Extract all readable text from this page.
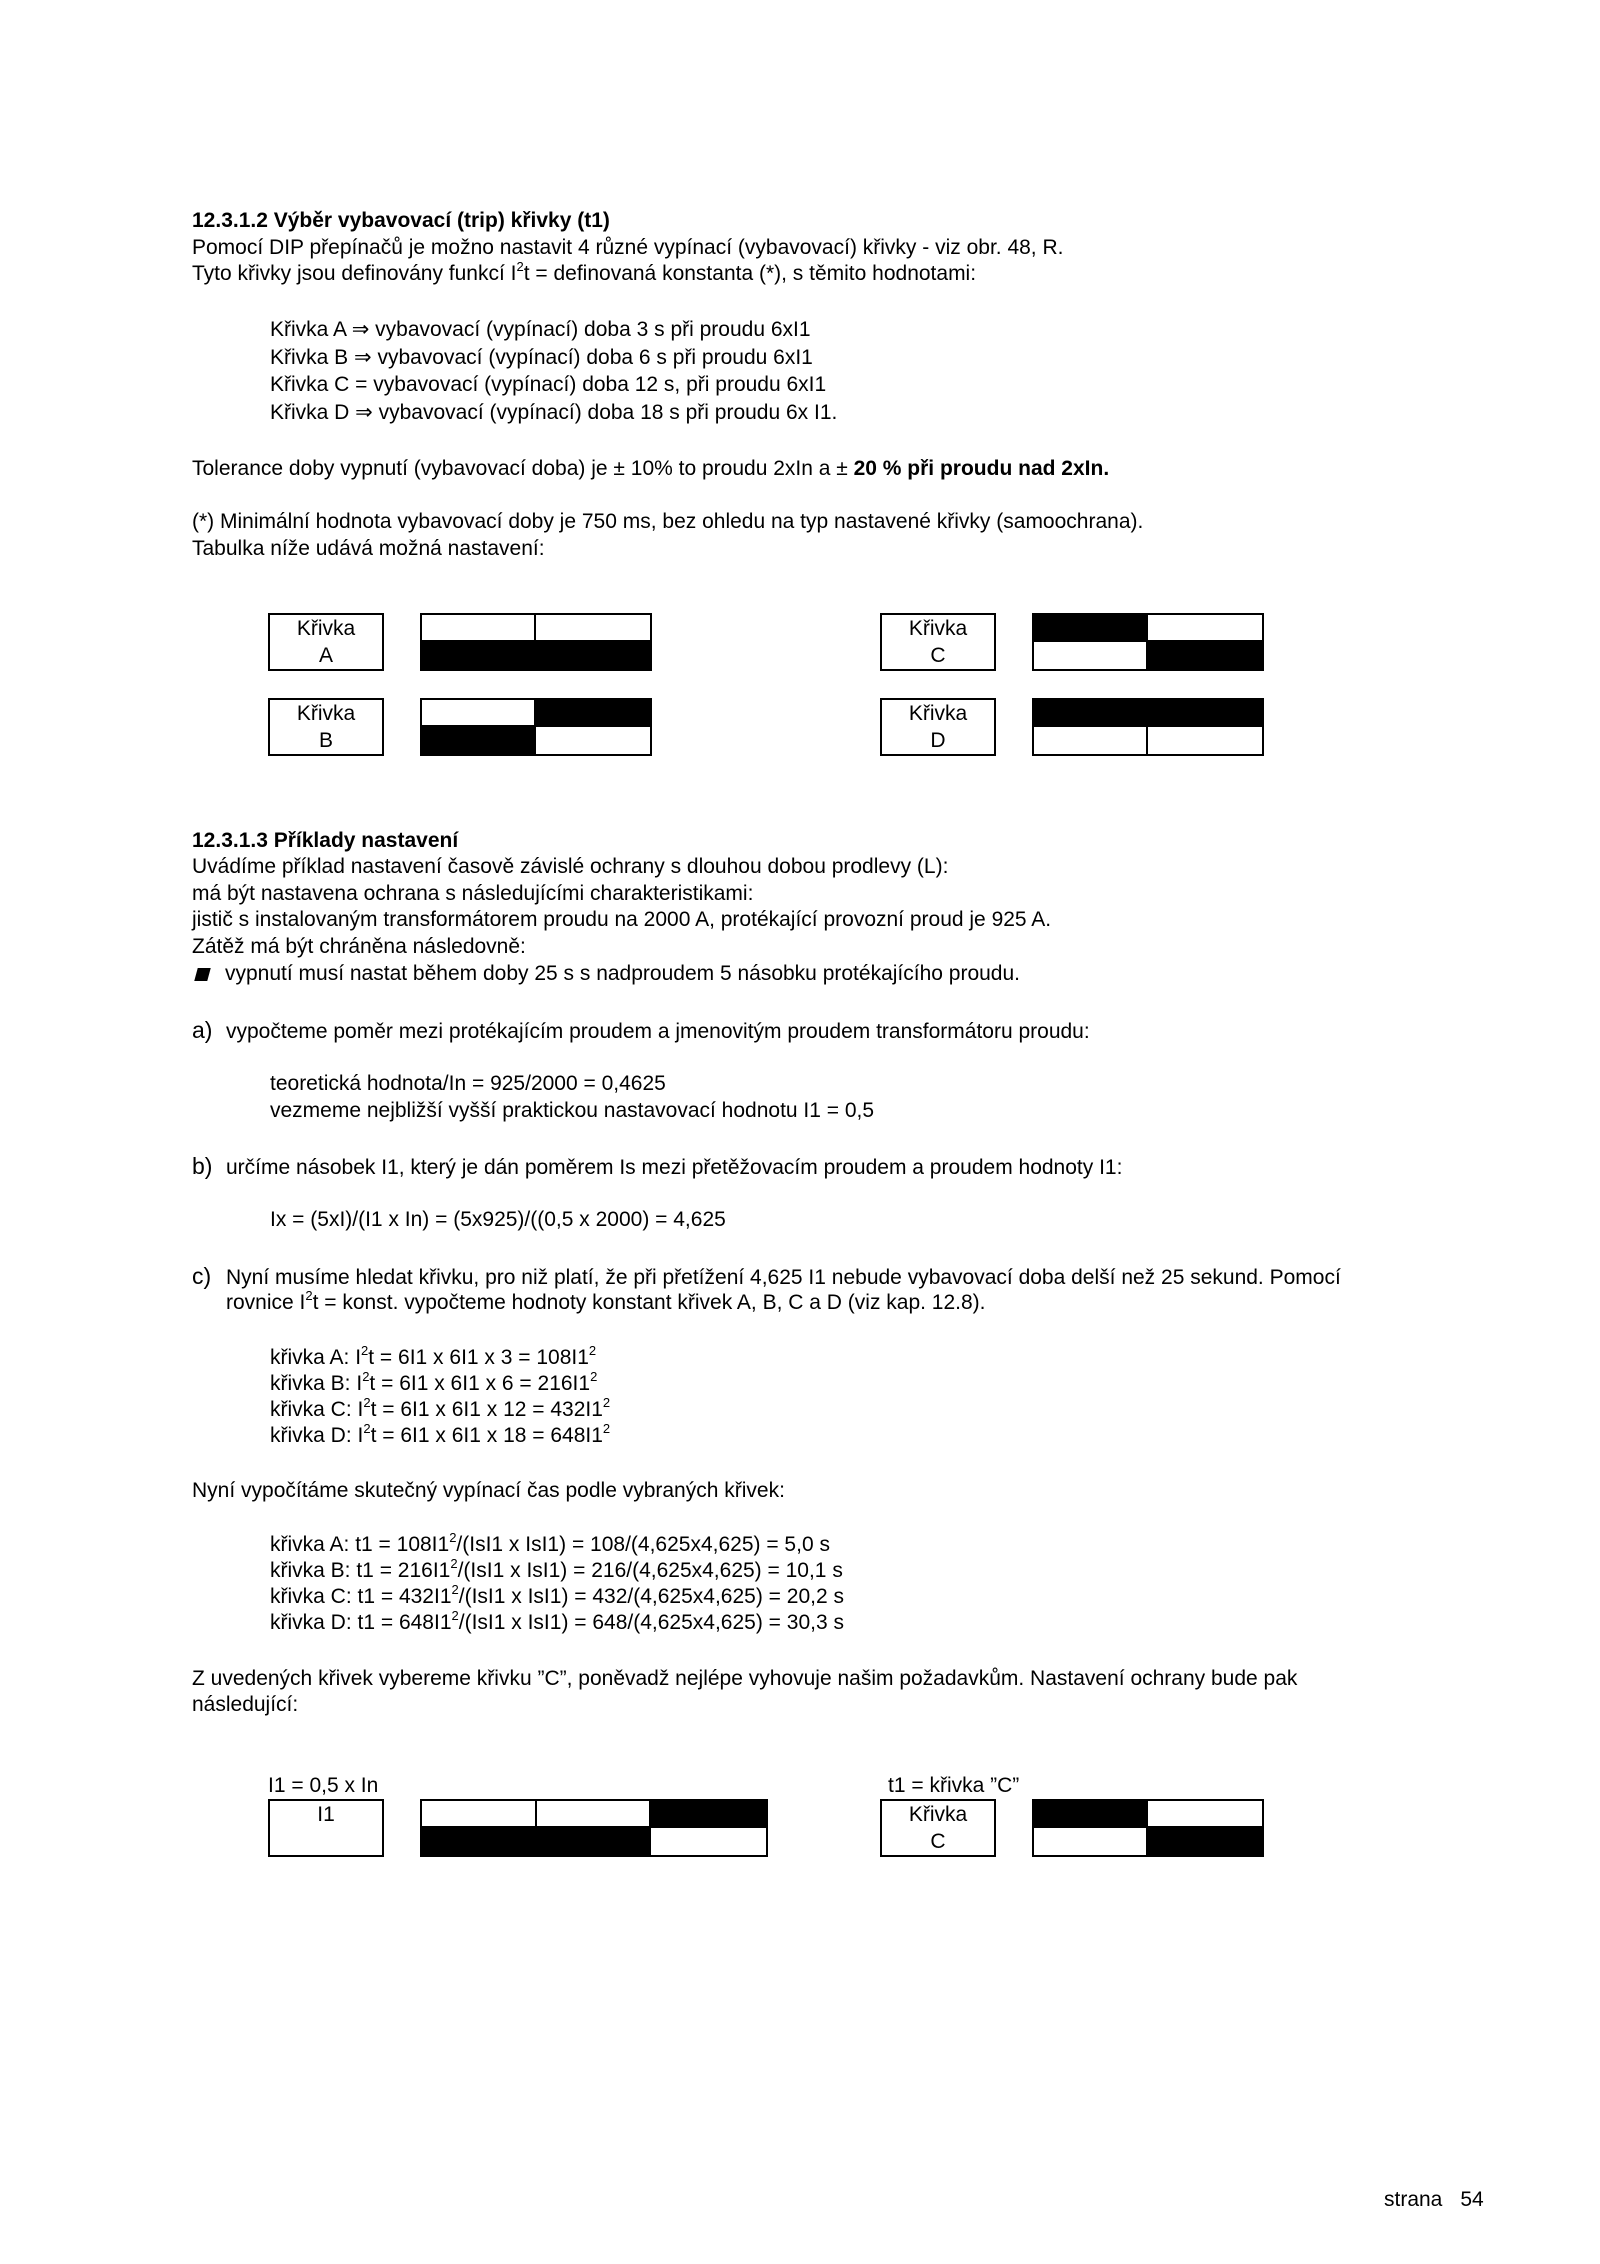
12.3.1.2 Výběr vybavovací (trip) křivky (t1)
Pomocí DIP přepínačů je možno nastavit 4 různé vypínací (vybavovací) křivky - viz obr. 48, R.
Tyto křivky jsou definovány funkcí $I^2t$ = definovaná konstanta (*), s těmito hodnotami:
Křivka A ⇒ vybavovací (vypínací) doba 3 s při proudu 6xI1
Křivka B ⇒ vybavovací (vypínací) doba 6 s při proudu 6xI1
Křivka C = vybavovací (vypínací) doba 12 s, při proudu 6xI1
Křivka D ⇒ vybavovací (vypínací) doba 18 s při proudu 6x I1.
Tolerance doby vypnutí (vybavovací doba) je ± 10% to proudu 2xIn a ± 20 % při proudu nad 2xIn.
(*) Minimální hodnota vybavovací doby je 750 ms, bez ohledu na typ nastavené křivky (samoochrana).
Tabulka níže udává možná nastavení:
Křivka
A
Křivka
C
Křivka
B
Křivka
D
12.3.1.3 Příklady nastavení
Uvádíme příklad nastavení časově závislé ochrany s dlouhou dobou prodlevy (L):
má být nastavena ochrana s následujícími charakteristikami:
jistič s instalovaným transformátorem proudu na 2000 A, protékající provozní proud je 925 A.
Zátěž má být chráněna následovně:
vypnutí musí nastat během doby 25 s s nadproudem 5 násobku protékajícího proudu.
a) vypočteme poměr mezi protékajícím proudem a jmenovitým proudem transformátoru proudu:
teoretická hodnota/In = 925/2000 = 0,4625
vezmeme nejbližší vyšší praktickou nastavovací hodnotu I1 = 0,5
b) určíme násobek I1, který je dán poměrem Is mezi přetěžovacím proudem a proudem hodnoty I1:
Ix = (5xI)/(I1 x In) = (5x925)/((0,5 x 2000) = 4,625
c) Nyní musíme hledat křivku, pro niž platí, že při přetížení 4,625 I1 nebude vybavovací doba delší než 25 sekund. Pomocí
rovnice $I^2t$ = konst. vypočteme hodnoty konstant křivek A, B, C a D (viz kap. 12.8).
křivka A: $I^2t = 6I1$ x 6I1 x $3 = 108I1^2$
křivka B: $I^2t = 6I1$ x 6I1 x $6 = 216I1^2$
křivka C: $I^2t = 6I1$ x 6I1 x $12 = 432I1^2$
křivka D: $I^2t = 6I1$ x 6I1 x $18 = 648I1^2$
Nyní vypočítáme skutečný vypínací čas podle vybraných křivek:
křivka A: $t1 = 108I1^2/(IsI1$ x IsI1) = 108/(4,625x4,625) = 5,0 s
křivka B: $t1 = 216I1^2/(IsI1$ x IsI1) = 216/(4,625x4,625) = 10,1 s
křivka C: $t1 = 432I1^2/(IsI1$ x IsI1) = 432/(4,625x4,625) = 20,2 s
křivka D: $t1 = 648I1^2/(IsI1$ x IsI1) = 648/(4,625x4,625) = 30,3 s
Z uvedených křivek vybereme křivku ”C”, poněvadž nejlépe vyhovuje našim požadavkům. Nastavení ochrany bude pak
následující:
I1 = 0,5 x In
I1
t1 = křivka ”C”
Křivka
C
strana 54
